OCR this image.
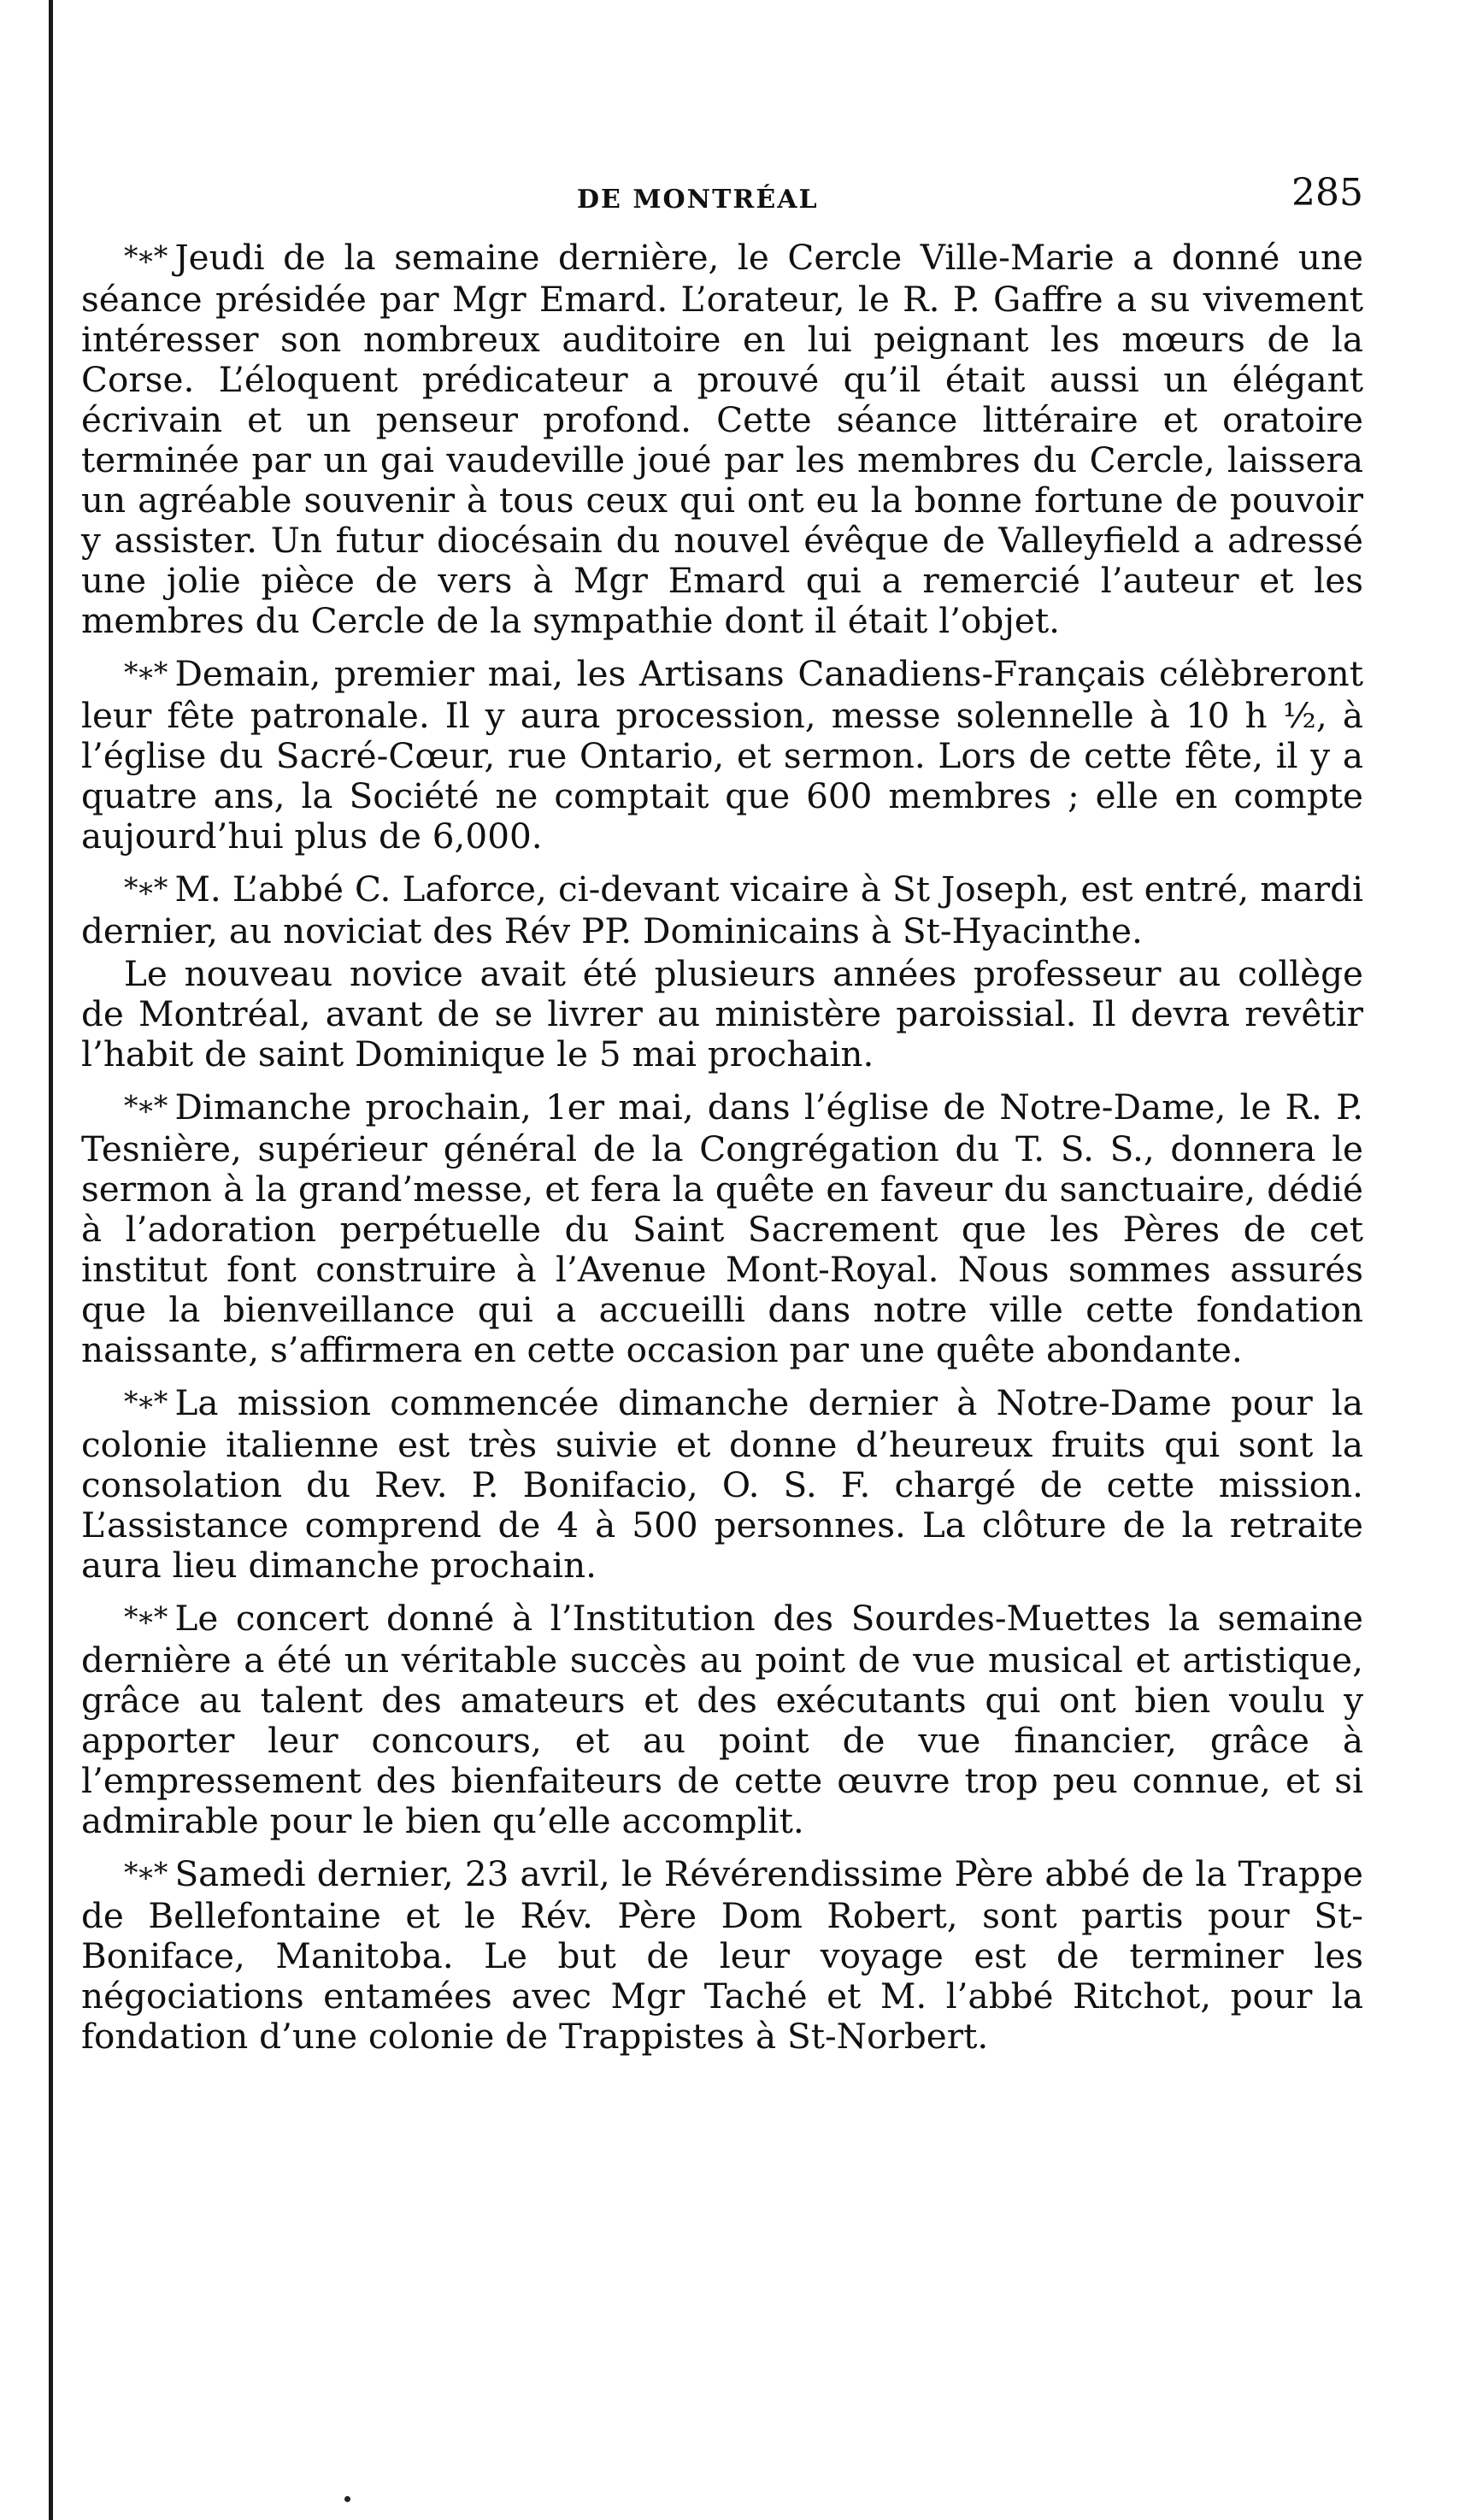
DE MONTRÉAL	285

*∗* Jeudi de la semaine dernière, le Cercle Ville-Marie a donné une séance présidée par Mgr Emard. L’orateur, le R. P. Gaffre a su vivement intéresser son nombreux auditoire en lui peignant les mœurs de la Corse. L’éloquent prédicateur a prouvé qu’il était aussi un élégant écrivain et un penseur profond. Cette séance littéraire et oratoire terminée par un gai vaudeville joué par les membres du Cercle, laissera un agréable souvenir à tous ceux qui ont eu la bonne fortune de pouvoir y assister. Un futur diocésain du nouvel évêque de Valleyfield a adressé une jolie pièce de vers à Mgr Emard qui a remercié l’auteur et les membres du Cercle de la sympathie dont il était l’objet.

*∗* Demain, premier mai, les Artisans Canadiens-Français célèbreront leur fête patronale. Il y aura procession, messe solennelle à 10 h ½, à l’église du Sacré-Cœur, rue Ontario, et sermon. Lors de cette fête, il y a quatre ans, la Société ne comptait que 600 membres ; elle en compte aujourd’hui plus de 6,000.

*∗* M. L’abbé C. Laforce, ci-devant vicaire à St Joseph, est entré, mardi dernier, au noviciat des Rév PP. Dominicains à St-Hyacinthe.

Le nouveau novice avait été plusieurs années professeur au collège de Montréal, avant de se livrer au ministère paroissial. Il devra revêtir l’habit de saint Dominique le 5 mai prochain.

*∗* Dimanche prochain, 1er mai, dans l’église de Notre-Dame, le R. P. Tesnière, supérieur général de la Congrégation du T. S. S., donnera le sermon à la grand’messe, et fera la quête en faveur du sanctuaire, dédié à l’adoration perpétuelle du Saint Sacrement que les Pères de cet institut font construire à l’Avenue Mont-Royal. Nous sommes assurés que la bienveillance qui a accueilli dans notre ville cette fondation naissante, s’affirmera en cette occasion par une quête abondante.

*∗* La mission commencée dimanche dernier à Notre-Dame pour la colonie italienne est très suivie et donne d’heureux fruits qui sont la consolation du Rev. P. Bonifacio, O. S. F. chargé de cette mission. L’assistance comprend de 4 à 500 personnes. La clôture de la retraite aura lieu dimanche prochain.

*∗* Le concert donné à l’Institution des Sourdes-Muettes la semaine dernière a été un véritable succès au point de vue musical et artistique, grâce au talent des amateurs et des exécutants qui ont bien voulu y apporter leur concours, et au point de vue financier, grâce à l’empressement des bienfaiteurs de cette œuvre trop peu connue, et si admirable pour le bien qu’elle accomplit.

*∗* Samedi dernier, 23 avril, le Révérendissime Père abbé de la Trappe de Bellefontaine et le Rév. Père Dom Robert, sont partis pour St-Boniface, Manitoba. Le but de leur voyage est de terminer les négociations entamées avec Mgr Taché et M. l’abbé Ritchot, pour la fondation d’une colonie de Trappistes à St-Norbert.
